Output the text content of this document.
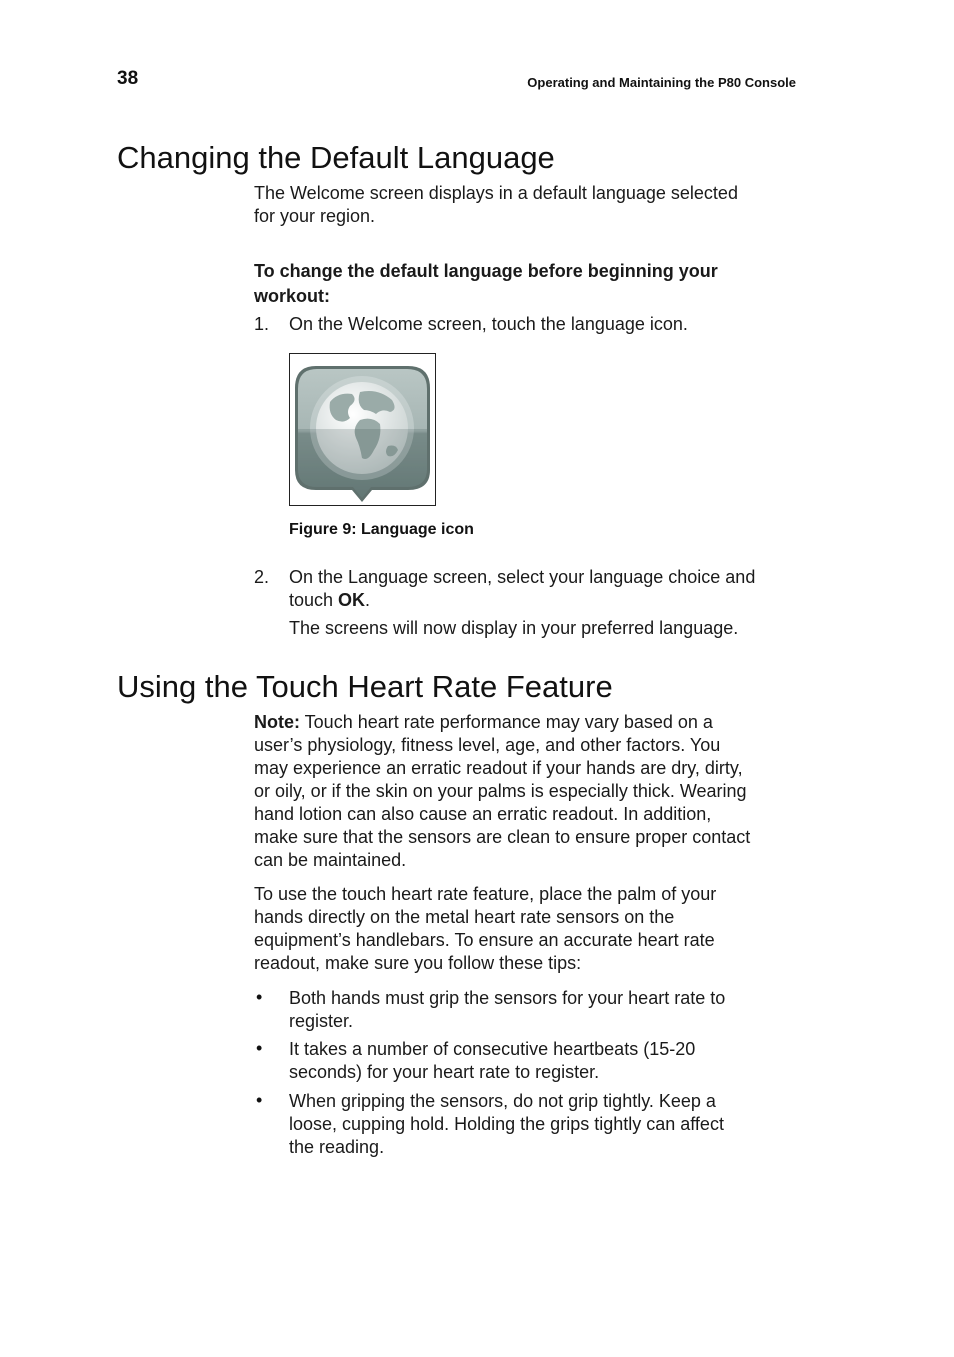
38	Operating and Maintaining the P80 Console
Changing the Default Language
The Welcome screen displays in a default language selected
for your region.
To change the default language before beginning your
workout:
1. On the Welcome screen, touch the language icon.
Figure 9: Language icon
2. On the Language screen, select your language choice and
touch OK.
The screens will now display in your preferred language.
Using the Touch Heart Rate Feature
Note: Touch heart rate performance may vary based on a
user’s physiology, fitness level, age, and other factors. You
may experience an erratic readout if your hands are dry, dirty,
or oily, or if the skin on your palms is especially thick. Wearing
hand lotion can also cause an erratic readout. In addition,
make sure that the sensors are clean to ensure proper contact
can be maintained.
To use the touch heart rate feature, place the palm of your
hands directly on the metal heart rate sensors on the
equipment’s handlebars. To ensure an accurate heart rate
readout, make sure you follow these tips:
• Both hands must grip the sensors for your heart rate to
register.
• It takes a number of consecutive heartbeats (15-20
seconds) for your heart rate to register.
• When gripping the sensors, do not grip tightly. Keep a
loose, cupping hold. Holding the grips tightly can affect
the reading.
